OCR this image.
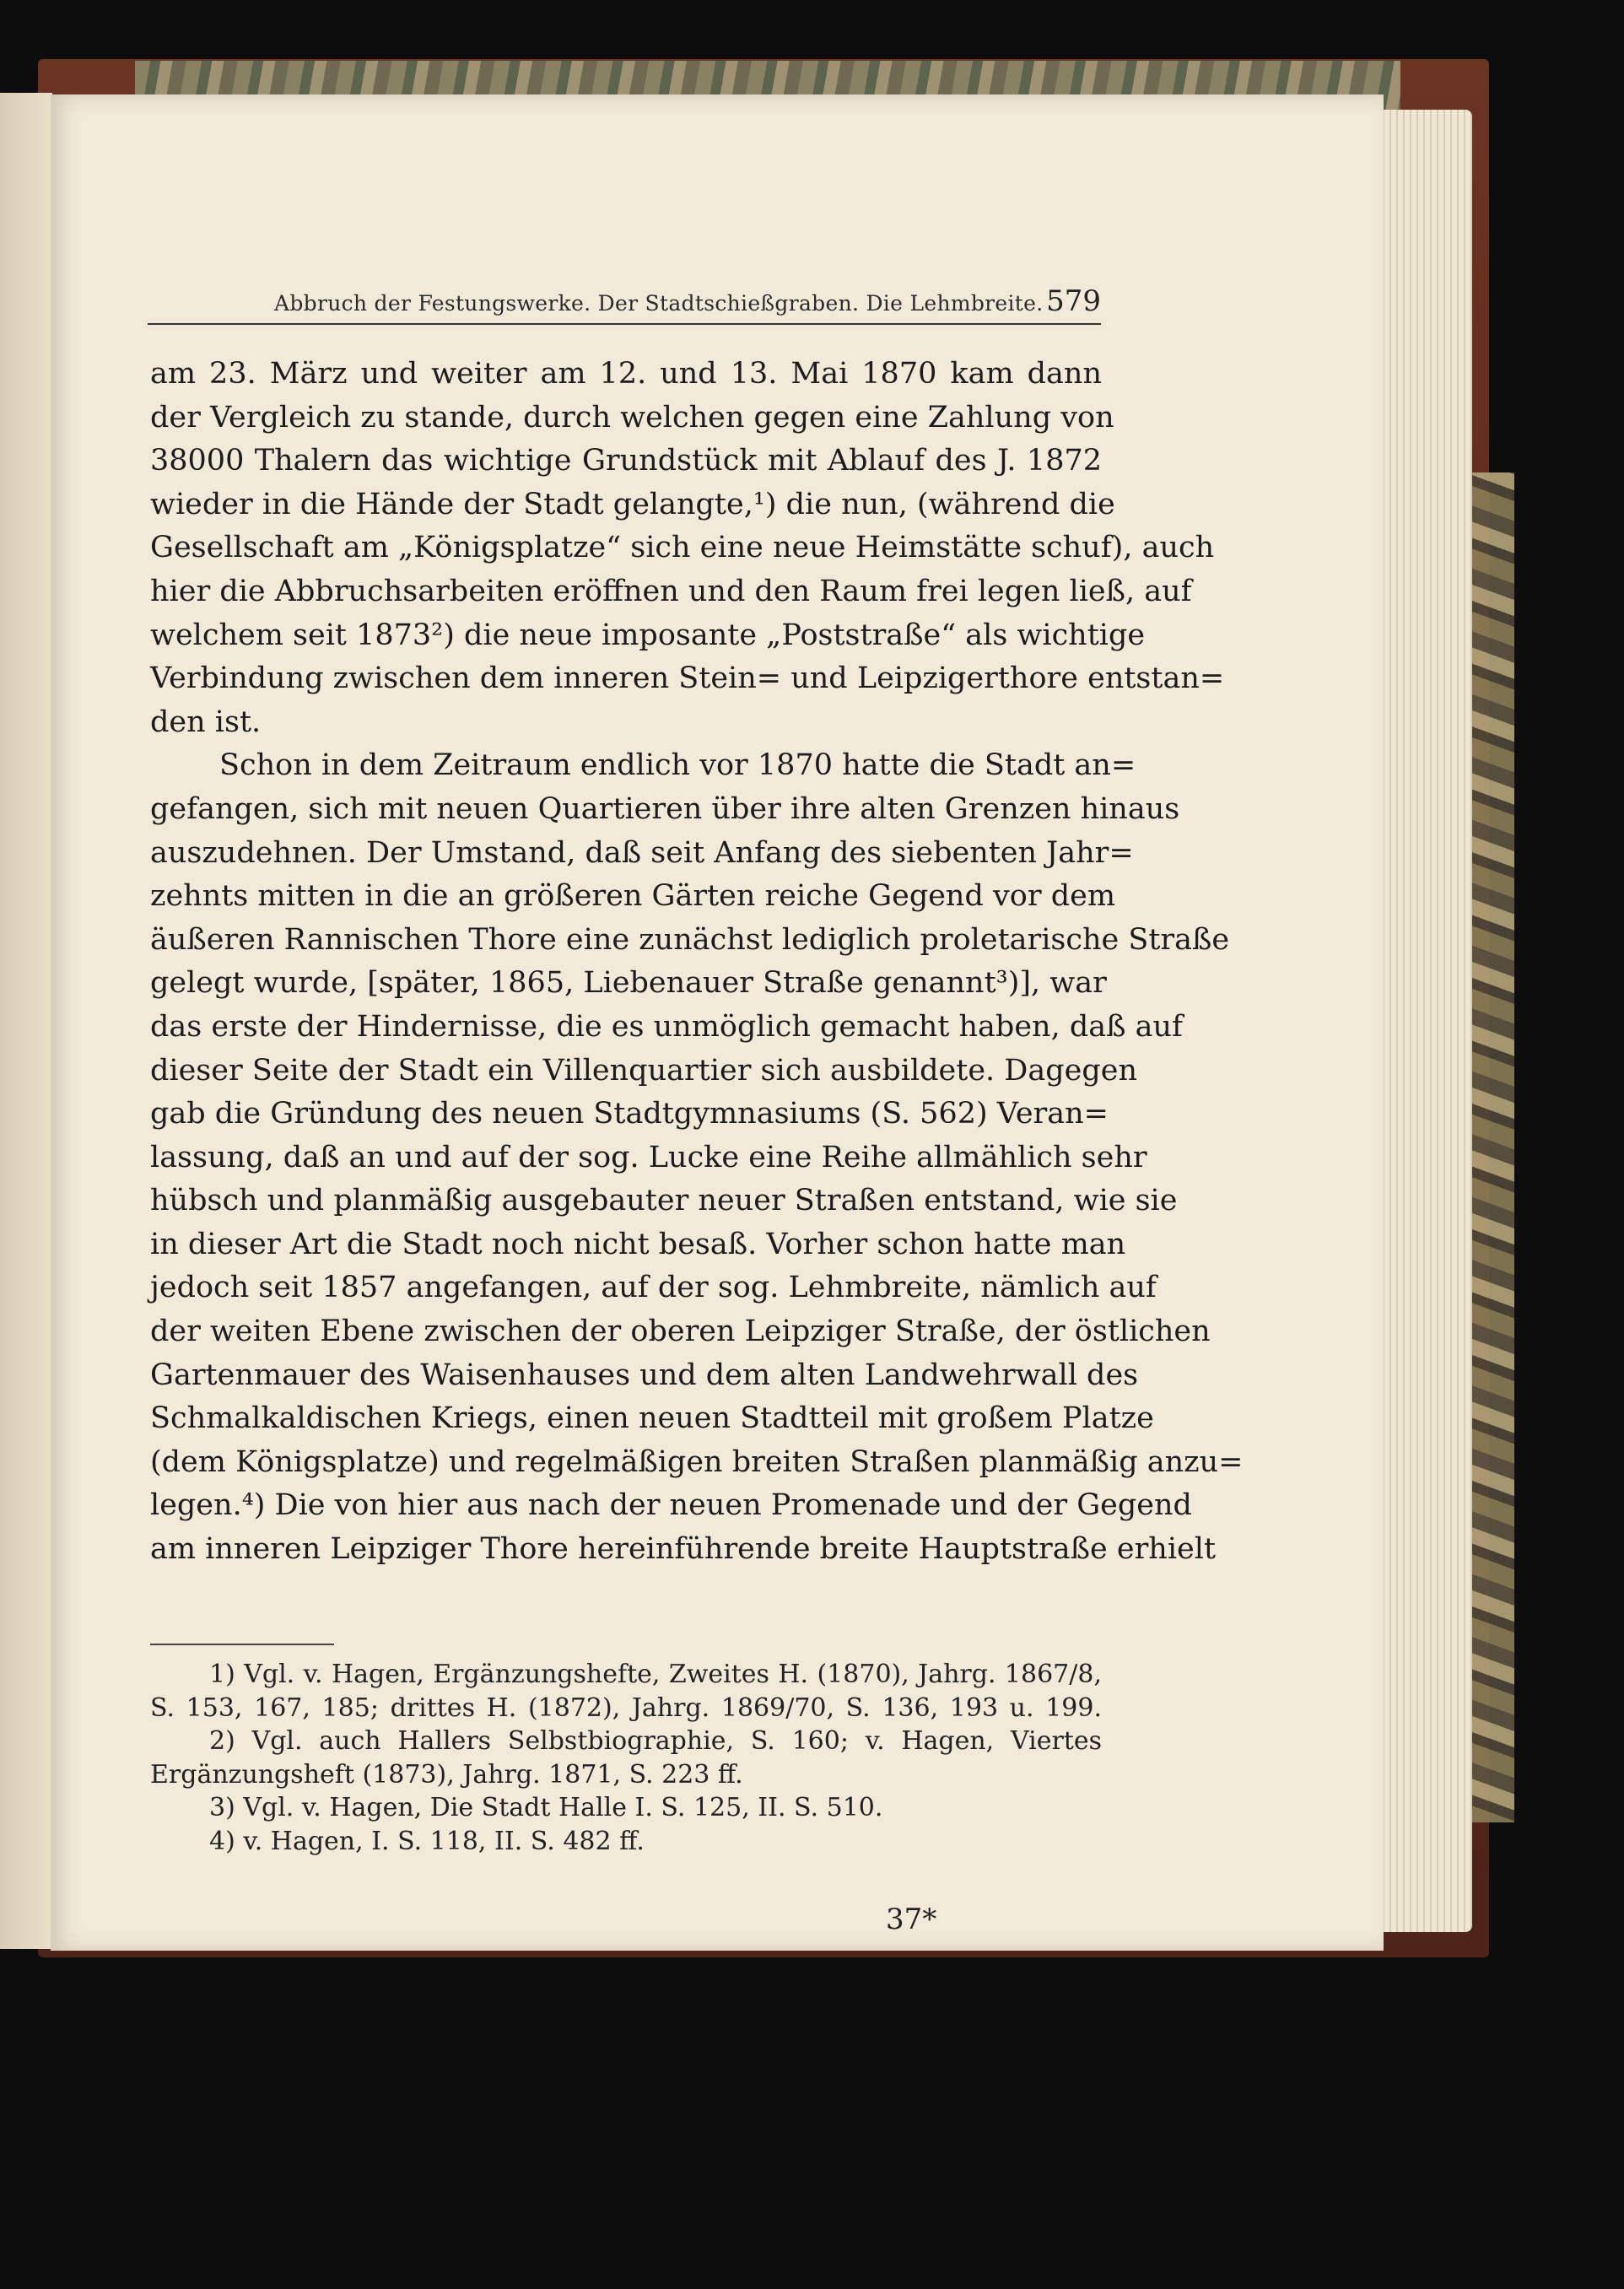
Abbruch der Festungswerke. Der Stadtschießgraben. Die Lehmbreite. 579
am 23. März und weiter am 12. und 13. Mai 1870 kam dann
der Vergleich zu stande, durch welchen gegen eine Zahlung von
38000 Thalern das wichtige Grundstück mit Ablauf des J. 1872
wieder in die Hände der Stadt gelangte,¹) die nun, (während die
Gesellschaft am „Königsplatze“ sich eine neue Heimstätte schuf), auch
hier die Abbruchsarbeiten eröffnen und den Raum frei legen ließ, auf
welchem seit 1873²) die neue imposante „Poststraße“ als wichtige
Verbindung zwischen dem inneren Stein= und Leipzigerthore entstan=
den ist.
Schon in dem Zeitraum endlich vor 1870 hatte die Stadt an=
gefangen, sich mit neuen Quartieren über ihre alten Grenzen hinaus
auszudehnen. Der Umstand, daß seit Anfang des siebenten Jahr=
zehnts mitten in die an größeren Gärten reiche Gegend vor dem
äußeren Rannischen Thore eine zunächst lediglich proletarische Straße
gelegt wurde, [später, 1865, Liebenauer Straße genannt³)], war
das erste der Hindernisse, die es unmöglich gemacht haben, daß auf
dieser Seite der Stadt ein Villenquartier sich ausbildete. Dagegen
gab die Gründung des neuen Stadtgymnasiums (S. 562) Veran=
lassung, daß an und auf der sog. Lucke eine Reihe allmählich sehr
hübsch und planmäßig ausgebauter neuer Straßen entstand, wie sie
in dieser Art die Stadt noch nicht besaß. Vorher schon hatte man
jedoch seit 1857 angefangen, auf der sog. Lehmbreite, nämlich auf
der weiten Ebene zwischen der oberen Leipziger Straße, der östlichen
Gartenmauer des Waisenhauses und dem alten Landwehrwall des
Schmalkaldischen Kriegs, einen neuen Stadtteil mit großem Platze
(dem Königsplatze) und regelmäßigen breiten Straßen planmäßig anzu=
legen.⁴) Die von hier aus nach der neuen Promenade und der Gegend
am inneren Leipziger Thore hereinführende breite Hauptstraße erhielt
1) Vgl. v. Hagen, Ergänzungshefte, Zweites H. (1870), Jahrg. 1867/8,
S. 153, 167, 185; drittes H. (1872), Jahrg. 1869/70, S. 136, 193 u. 199.
2) Vgl. auch Hallers Selbstbiographie, S. 160; v. Hagen, Viertes
Ergänzungsheft (1873), Jahrg. 1871, S. 223 ff.
3) Vgl. v. Hagen, Die Stadt Halle I. S. 125, II. S. 510.
4) v. Hagen, I. S. 118, II. S. 482 ff.
37*
